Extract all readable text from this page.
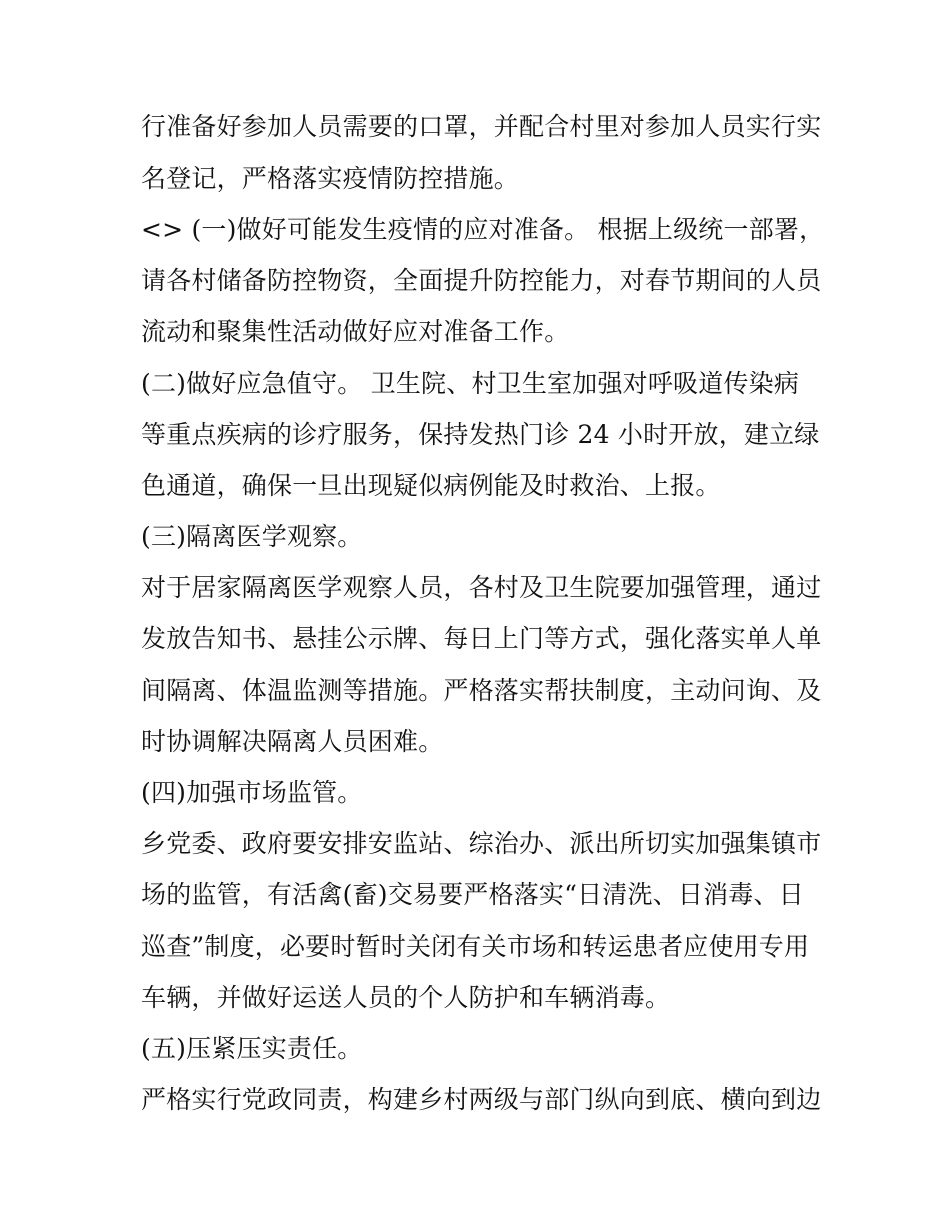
行准备好参加人员需要的口罩，并配合村里对参加人员实行实
名登记，严格落实疫情防控措施。
<> (一)做好可能发生疫情的应对准备。 根据上级统一部署，
请各村储备防控物资，全面提升防控能力，对春节期间的人员
流动和聚集性活动做好应对准备工作。
(二)做好应急值守。 卫生院、村卫生室加强对呼吸道传染病
等重点疾病的诊疗服务，保持发热门诊 24 小时开放，建立绿
色通道，确保一旦出现疑似病例能及时救治、上报。
(三)隔离医学观察。
对于居家隔离医学观察人员，各村及卫生院要加强管理，通过
发放告知书、悬挂公示牌、每日上门等方式，强化落实单人单
间隔离、体温监测等措施。严格落实帮扶制度，主动问询、及
时协调解决隔离人员困难。
(四)加强市场监管。
乡党委、政府要安排安监站、综治办、派出所切实加强集镇市
场的监管，有活禽(畜)交易要严格落实“日清洗、日消毒、日
巡查”制度，必要时暂时关闭有关市场和转运患者应使用专用
车辆，并做好运送人员的个人防护和车辆消毒。
(五)压紧压实责任。
严格实行党政同责，构建乡村两级与部门纵向到底、横向到边
